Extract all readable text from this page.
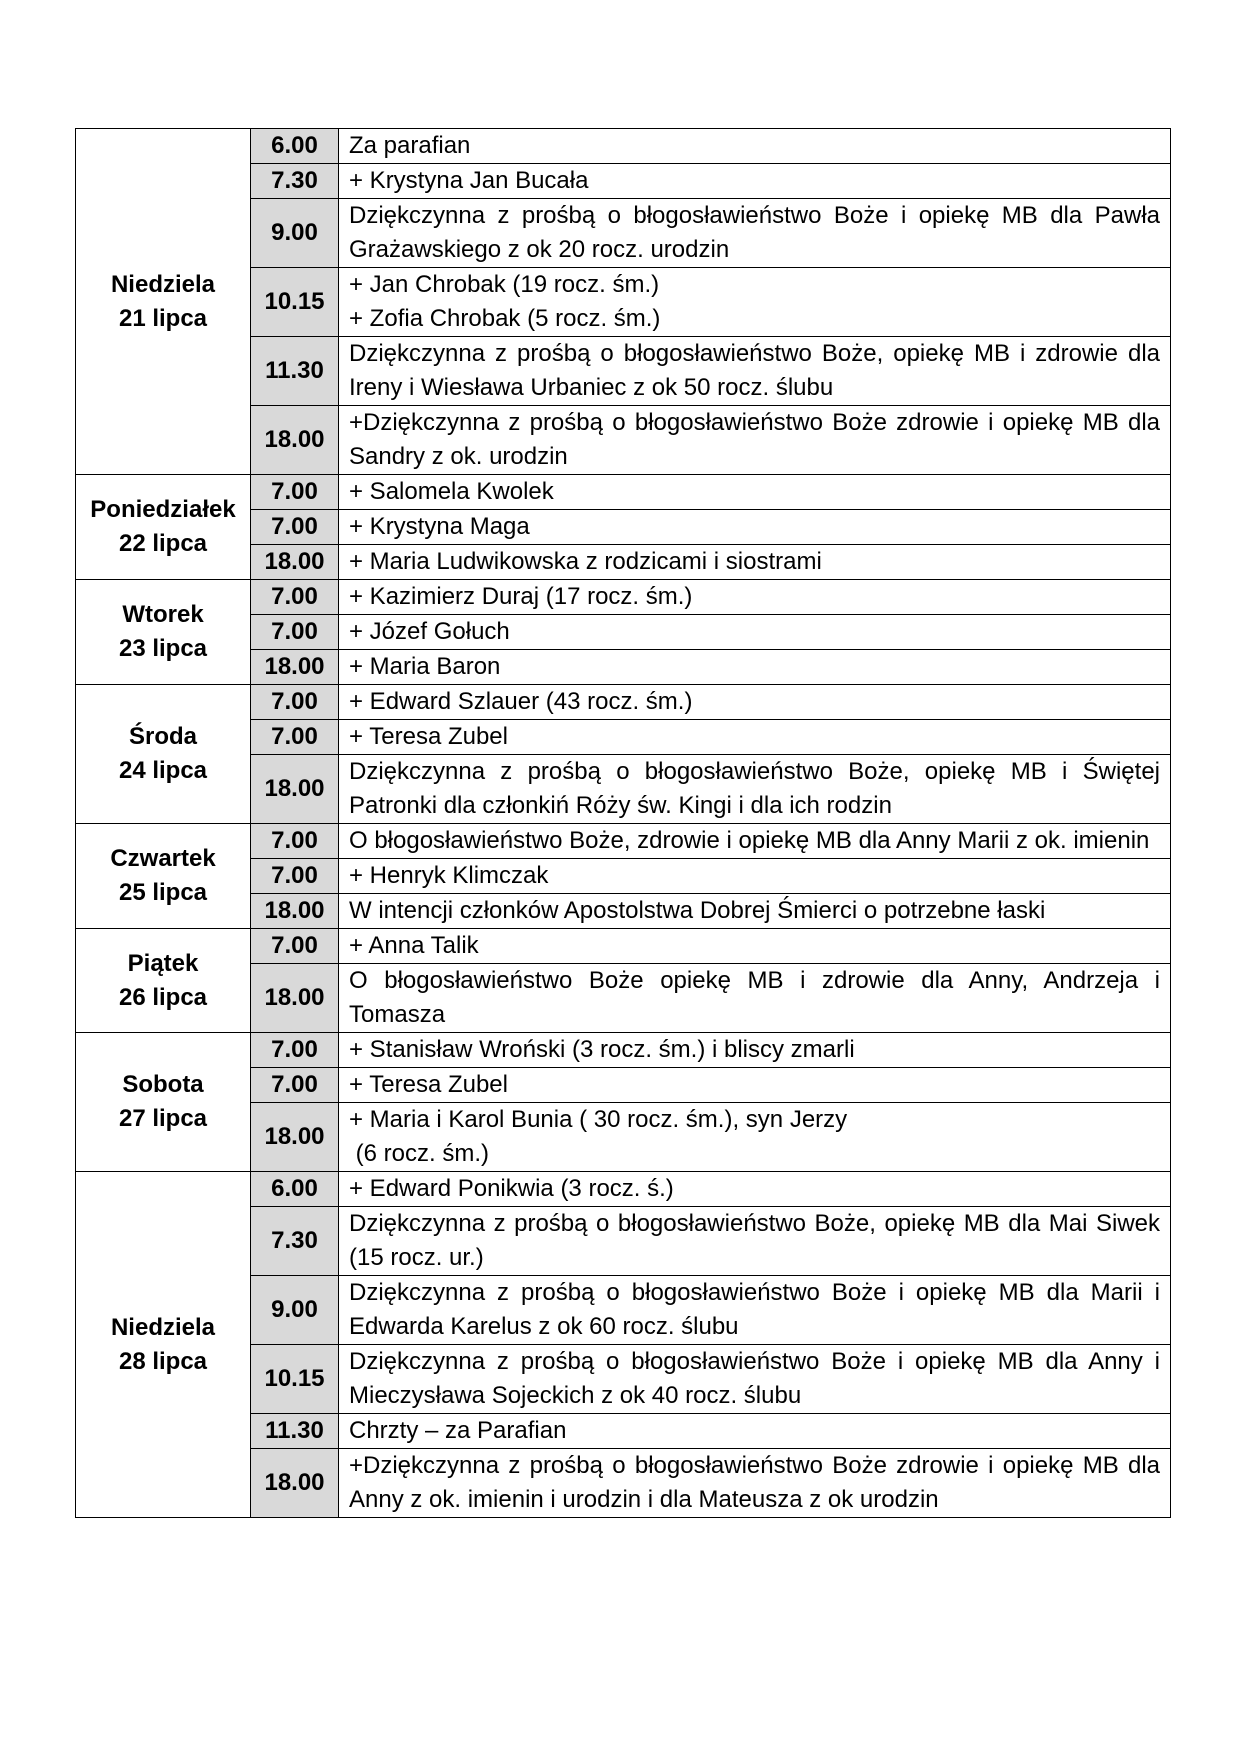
Niedziela
21 lipca	6.00	Za parafian
	7.30	+ Krystyna Jan Bucała
	9.00	Dziękczynna z prośbą o błogosławieństwo Boże i opiekę MB dla Pawła Grażawskiego z ok 20 rocz. urodzin
	10.15	+ Jan Chrobak (19 rocz. śm.)
+ Zofia Chrobak (5 rocz. śm.)
	11.30	Dziękczynna z prośbą o błogosławieństwo Boże, opiekę MB i zdrowie dla Ireny i Wiesława Urbaniec z ok 50 rocz. ślubu
	18.00	+Dziękczynna z prośbą o błogosławieństwo Boże zdrowie i opiekę MB dla Sandry z ok. urodzin

Poniedziałek
22 lipca	7.00	+ Salomela Kwolek
	7.00	+ Krystyna Maga
	18.00	+ Maria Ludwikowska z rodzicami i siostrami

Wtorek
23 lipca	7.00	+ Kazimierz Duraj (17 rocz. śm.)
	7.00	+ Józef Gołuch
	18.00	+ Maria Baron

Środa
24 lipca	7.00	+ Edward Szlauer (43 rocz. śm.)
	7.00	+ Teresa Zubel
	18.00	Dziękczynna z prośbą o błogosławieństwo Boże, opiekę MB i Świętej Patronki dla członkiń Róży św. Kingi i dla ich rodzin

Czwartek
25 lipca	7.00	O błogosławieństwo Boże, zdrowie i opiekę MB dla Anny Marii z ok. imienin
	7.00	+ Henryk Klimczak
	18.00	W intencji członków Apostolstwa Dobrej Śmierci o potrzebne łaski

Piątek
26 lipca	7.00	+ Anna Talik
	18.00	O błogosławieństwo Boże opiekę MB i zdrowie dla Anny, Andrzeja i Tomasza

Sobota
27 lipca	7.00	+ Stanisław Wroński (3 rocz. śm.) i bliscy zmarli
	7.00	+ Teresa Zubel
	18.00	+ Maria i Karol Bunia ( 30 rocz. śm.), syn Jerzy
(6 rocz. śm.)

Niedziela
28 lipca	6.00	+ Edward Ponikwia (3 rocz. ś.)
	7.30	Dziękczynna z prośbą o błogosławieństwo Boże, opiekę MB dla Mai Siwek (15 rocz. ur.)
	9.00	Dziękczynna z prośbą o błogosławieństwo Boże i opiekę MB dla Marii i Edwarda Karelus z ok 60 rocz. ślubu
	10.15	Dziękczynna z prośbą o błogosławieństwo Boże i opiekę MB dla Anny i Mieczysława Sojeckich z ok 40 rocz. ślubu
	11.30	Chrzty – za Parafian
	18.00	+Dziękczynna z prośbą o błogosławieństwo Boże zdrowie i opiekę MB dla Anny z ok. imienin i urodzin i dla Mateusza z ok urodzin
